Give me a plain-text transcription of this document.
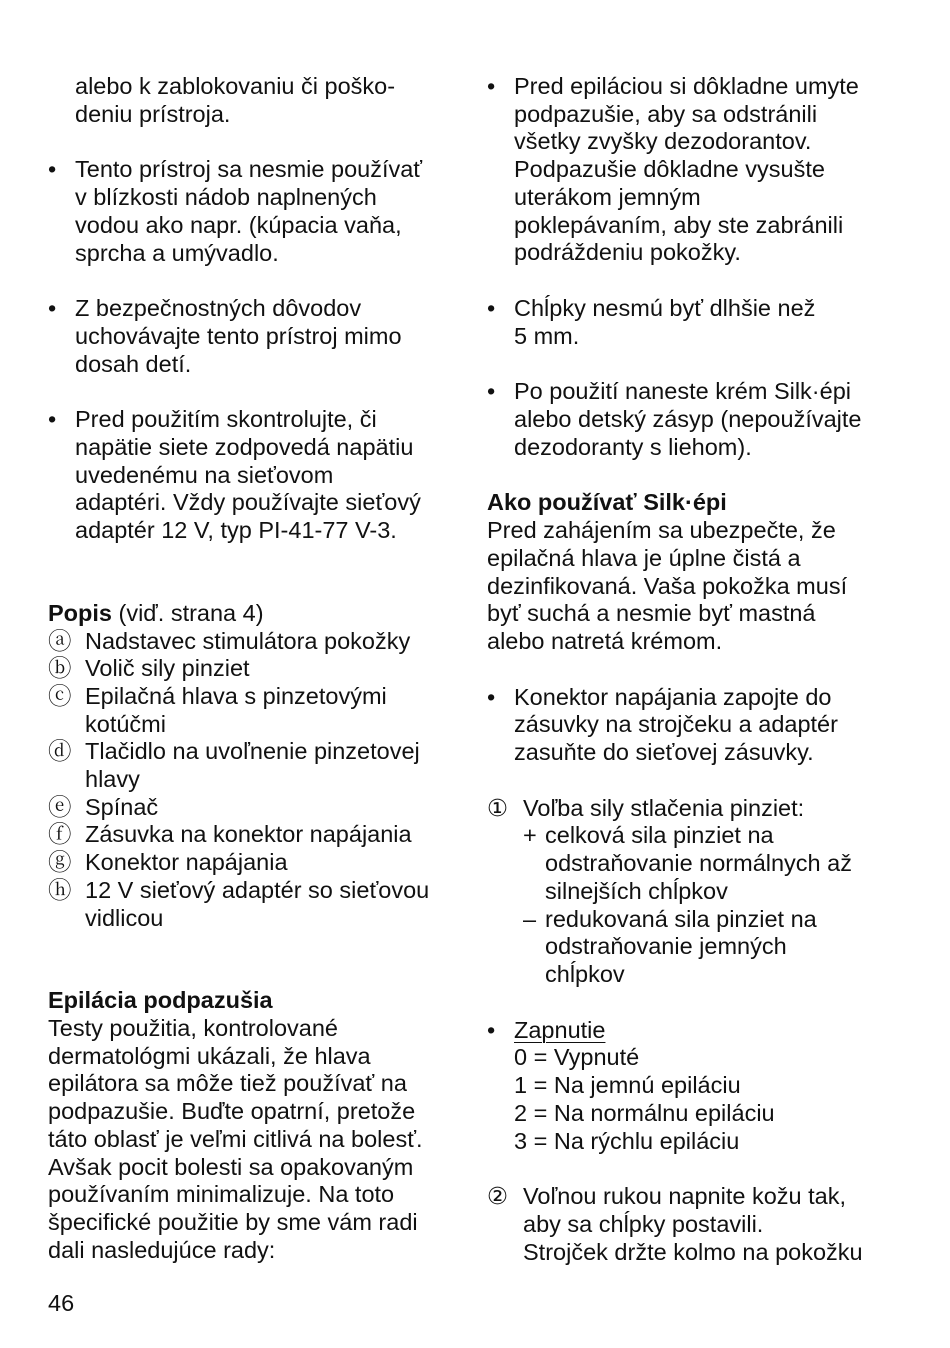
alebo k zablokovaniu či poško-
deniu prístroja.

• Tento prístroj sa nesmie používať
v blízkosti nádob naplnených
vodou ako napr. (kúpacia vaňa,
sprcha a umývadlo.
• Z bezpečnostných dôvodov
uchovávajte tento prístroj mimo
dosah detí.
• Pred použitím skontrolujte, či
napätie siete zodpovedá napätiu
uvedenému na sieťovom
adaptéri. Vždy používajte sieťový
adaptér 12 V, typ PI-41-77 V-3.

Popis (viď. strana 4)

ⓐ Nadstavec stimulátora pokožky
ⓑ Volič sily pinziet
ⓒ Epilačná hlava s pinzetovými
kotúčmi
ⓓ Tlačidlo na uvoľnenie pinzetovej
hlavy
ⓔ Spínač
ⓕ Zásuvka na konektor napájania
ⓖ Konektor napájania
ⓗ 12 V sieťový adaptér so sieťovou
vidlicou

Epilácia podpazušia
Testy použitia, kontrolované
dermatológmi ukázali, že hlava
epilátora sa môže tiež používať na
podpazušie. Buďte opatrní, pretože
táto oblasť je veľmi citlivá na bolesť.
Avšak pocit bolesti sa opakovaným
používaním minimalizuje. Na toto
špecifické použitie by sme vám radi
dali nasledujúce rady:

• Pred epiláciou si dôkladne umyte
podpazušie, aby sa odstránili
všetky zvyšky dezodorantov.
Podpazušie dôkladne vysušte
uterákom jemným
poklepávaním, aby ste zabránili
podráždeniu pokožky.
• Chĺpky nesmú byť dlhšie než
5 mm.
• Po použití naneste krém Silk·épi
alebo detský zásyp (nepoužívajte
dezodoranty s liehom).

Ako používať Silk·épi
Pred zahájením sa ubezpečte, že
epilačná hlava je úplne čistá a
dezinfikovaná. Vaša pokožka musí
byť suchá a nesmie byť mastná
alebo natretá krémom.

• Konektor napájania zapojte do
zásuvky na strojčeku a adaptér
zasuňte do sieťovej zásuvky.
① Voľba sily stlačenia pinziet:
+ celková sila pinziet na
odstraňovanie normálnych až
silnejších chĺpkov
– redukovaná sila pinziet na
odstraňovanie jemných
chĺpkov
• Zapnutie
0 = Vypnuté
1 = Na jemnú epiláciu
2 = Na normálnu epiláciu
3 = Na rýchlu epiláciu
② Voľnou rukou napnite kožu tak,
aby sa chĺpky postavili.
Strojček držte kolmo na pokožku
46
